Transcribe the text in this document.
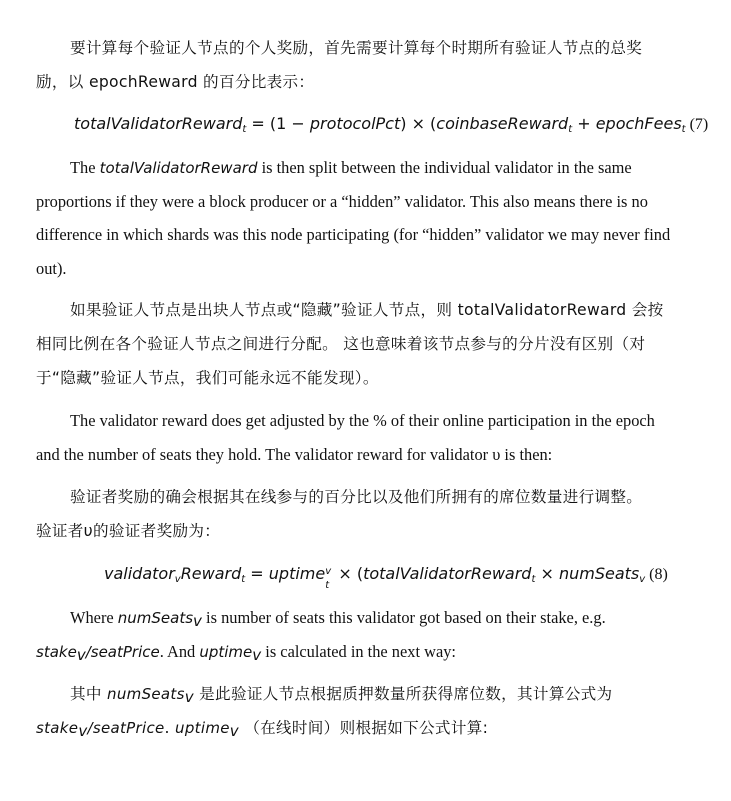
要计算每个验证人节点的个人奖励，首先需要计算每个时期所有验证人节点的总奖
励，以 epochReward 的百分比表示：
totalValidatorReward$_t$ = (1 − protocolPct) × (coinbaseReward$_t$ + epochFees$_t$ (7)
The totalValidatorReward is then split between the individual validator in the same
proportions if they were a block producer or a “hidden” validator. This also means there is no
difference in which shards was this node participating (for “hidden” validator we may never find
out).
如果验证人节点是出块人节点或“隐藏”验证人节点，则 totalValidatorReward 会按
相同比例在各个验证人节点之间进行分配。 这也意味着该节点参与的分片没有区别（对
于“隐藏”验证人节点，我们可能永远不能发现）。
The validator reward does get adjusted by the % of their online participation in the epoch
and the number of seats they hold. The validator reward for validator υ is then:
验证者奖励的确会根据其在线参与的百分比以及他们所拥有的席位数量进行调整。
验证者υ的验证者奖励为：
validator$_v$Reward$_t$ = uptime v
t
× (totalValidatorReward$_t$ × numSeats$_v$ (8)
Where numSeats$_v$ is number of seats this validator got based on their stake, e.g.
stake$_v$/seatPrice. And uptime$_v$ is calculated in the next way:
其中 numSeats$_v$ 是此验证人节点根据质押数量所获得席位数，其计算公式为
stake$_v$/seatPrice. uptime$_v$ （在线时间）则根据如下公式计算:
